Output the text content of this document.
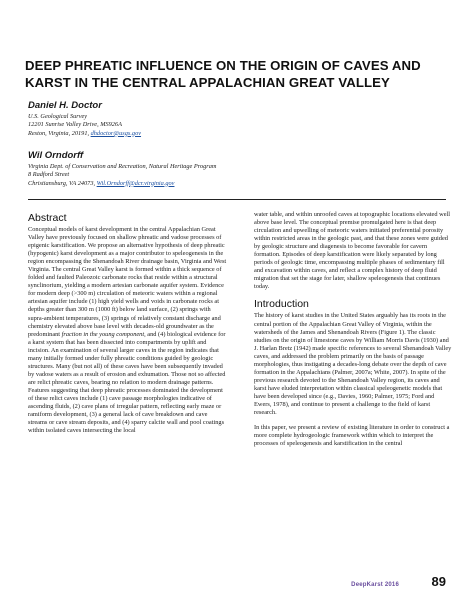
DEEP PHREATIC INFLUENCE ON THE ORIGIN OF CAVES AND KARST IN THE CENTRAL APPALACHIAN GREAT VALLEY
Daniel H. Doctor
U.S. Geological Survey
12201 Sunrise Valley Drive, MS926A
Reston, Virginia, 20191, dhdoctor@usgs.gov
Wil Orndorff
Virginia Dept. of Conservation and Recreation, Natural Heritage Program
8 Radford Street
Christiansburg, VA 24073, Wil.Orndorff@dcr.virginia.gov
Abstract
Conceptual models of karst development in the central Appalachian Great Valley have previously focused on shallow phreatic and vadose processes of epigenic karstification. We propose an alternative hypothesis of deep phreatic (hypogenic) karst development as a major contributor to speleogenesis in the region encompassing the Shenandoah River drainage basin, Virginia and West Virginia. The central Great Valley karst is formed within a thick sequence of folded and faulted Paleozoic carbonate rocks that reside within a structural synclinorium, yielding a modern artesian carbonate aquifer system. Evidence for modern deep (>300 m) circulation of meteoric waters within a regional artesian aquifer include (1) high yield wells and voids in carbonate rocks at depths greater than 300 m (1000 ft) below land surface, (2) springs with supra-ambient temperatures, (3) springs of relatively constant discharge and chemistry elevated above base level with decades-old groundwater as the predominant fraction in the young component, and (4) biological evidence for a karst system that has been dissected into compartments by uplift and incision. An examination of several larger caves in the region indicates that many initially formed under fully phreatic conditions guided by geologic structures. Many (but not all) of these caves have been subsequently invaded by vadose waters as a result of erosion and exhumation. Those not so affected are relict phreatic caves, bearing no relation to modern drainage patterns. Features suggesting that deep phreatic processes dominated the development of these relict caves include (1) cave passage morphologies indicative of ascending fluids, (2) cave plans of irregular pattern, reflecting early maze or ramiform development, (3) a general lack of cave breakdown and cave streams or cave stream deposits, and (4) sparry calcite wall and pool coatings within isolated caves intersecting the local
water table, and within unroofed caves at topographic locations elevated well above base level. The conceptual premise promulgated here is that deep circulation and upwelling of meteoric waters initiated preferential porosity within restricted areas in the geologic past, and that these zones were guided by geologic structure and diagenesis to become favorable for cavern formation. Episodes of deep karstification were likely separated by long periods of geologic time, encompassing multiple phases of sedimentary fill and excavation within caves, and reflect a complex history of deep fluid migration that set the stage for later, shallow speleogenesis that continues today.
Introduction
The history of karst studies in the United States arguably has its roots in the central portion of the Appalachian Great Valley of Virginia, within the watersheds of the James and Shenandoah Rivers (Figure 1). The classic studies on the origin of limestone caves by William Morris Davis (1930) and J. Harlan Bretz (1942) made specific references to several Shenandoah Valley caves, and addressed the problem primarily on the basis of passage morphologies, thus instigating a decades-long debate over the depth of cave formation in the Appalachians (Palmer, 2007a; White, 2007). In spite of the previous research devoted to the Shenandoah Valley region, its caves and karst have eluded interpretation within classical speleogenetic models that have been developed since (e.g., Davies, 1960; Palmer, 1975; Ford and Ewers, 1978), and continue to present a challenge to the field of karst research.
In this paper, we present a review of existing literature in order to construct a more complete hydrogeologic framework within which to interpret the processes of speleogenesis and karstification in the central
DeepKarst 2016	89
